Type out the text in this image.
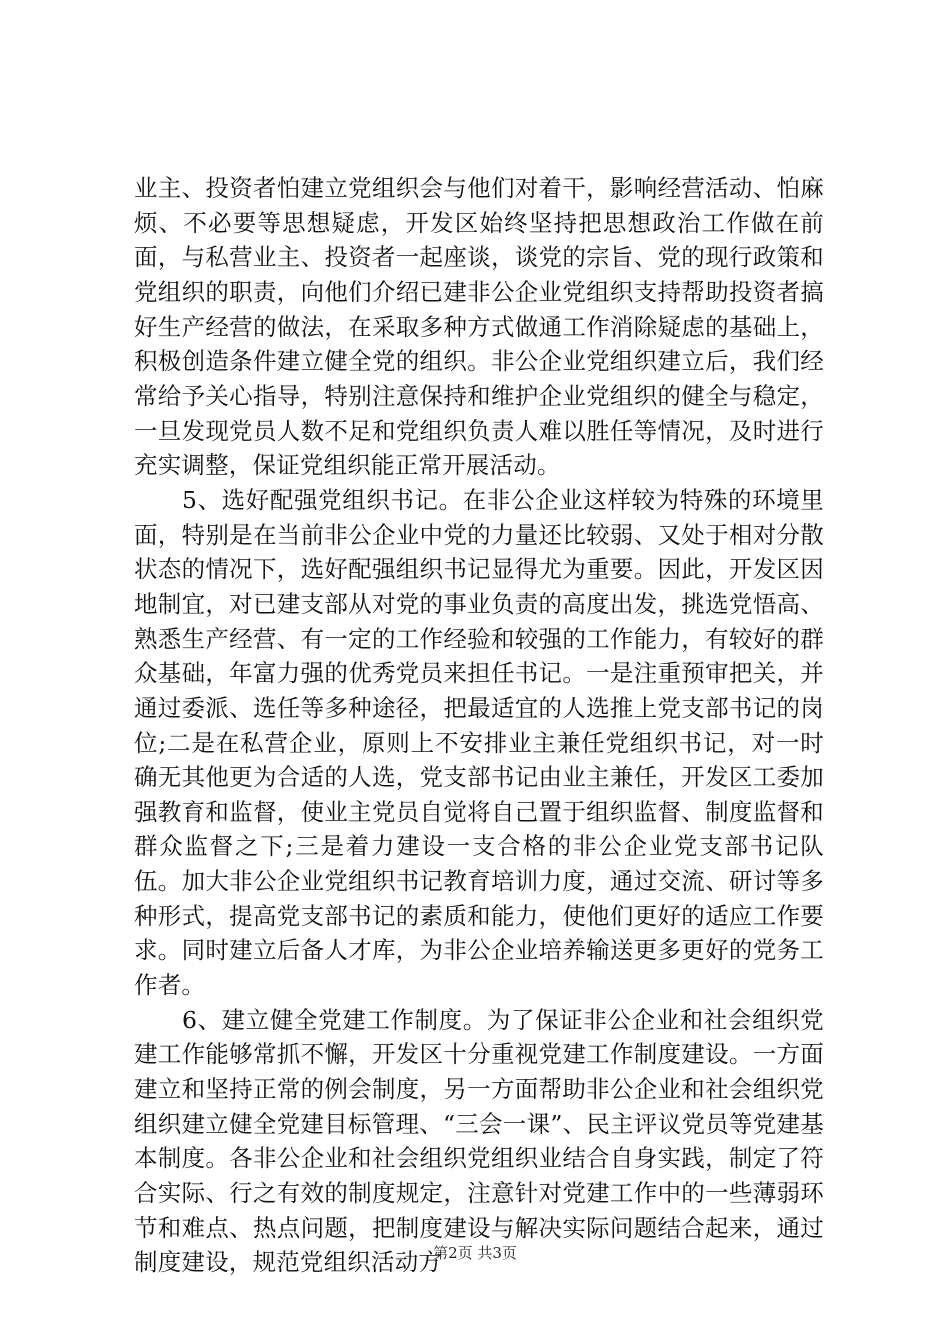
业主、投资者怕建立党组织会与他们对着干，影响经营活动、怕麻烦、不必要等思想疑虑，开发区始终坚持把思想政治工作做在前面，与私营业主、投资者一起座谈，谈党的宗旨、党的现行政策和党组织的职责，向他们介绍已建非公企业党组织支持帮助投资者搞好生产经营的做法，在采取多种方式做通工作消除疑虑的基础上，积极创造条件建立健全党的组织。非公企业党组织建立后，我们经常给予关心指导，特别注意保持和维护企业党组织的健全与稳定，一旦发现党员人数不足和党组织负责人难以胜任等情况，及时进行充实调整，保证党组织能正常开展活动。

5、选好配强党组织书记。在非公企业这样较为特殊的环境里面，特别是在当前非公企业中党的力量还比较弱、又处于相对分散状态的情况下，选好配强组织书记显得尤为重要。因此，开发区因地制宜，对已建支部从对党的事业负责的高度出发，挑选党悟高、熟悉生产经营、有一定的工作经验和较强的工作能力，有较好的群众基础，年富力强的优秀党员来担任书记。一是注重预审把关，并通过委派、选任等多种途径，把最适宜的人选推上党支部书记的岗位;二是在私营企业，原则上不安排业主兼任党组织书记，对一时确无其他更为合适的人选，党支部书记由业主兼任，开发区工委加强教育和监督，使业主党员自觉将自己置于组织监督、制度监督和群众监督之下;三是着力建设一支合格的非公企业党支部书记队伍。加大非公企业党组织书记教育培训力度，通过交流、研讨等多种形式，提高党支部书记的素质和能力，使他们更好的适应工作要求。同时建立后备人才库，为非公企业培养输送更多更好的党务工作者。

6、建立健全党建工作制度。为了保证非公企业和社会组织党建工作能够常抓不懈，开发区十分重视党建工作制度建设。一方面建立和坚持正常的例会制度，另一方面帮助非公企业和社会组织党组织建立健全党建目标管理、“三会一课”、民主评议党员等党建基本制度。各非公企业和社会组织党组织业结合自身实践，制定了符合实际、行之有效的制度规定，注意针对党建工作中的一些薄弱环节和难点、热点问题，把制度建设与解决实际问题结合起来，通过制度建设，规范党组织活动方

第2页 共3页
